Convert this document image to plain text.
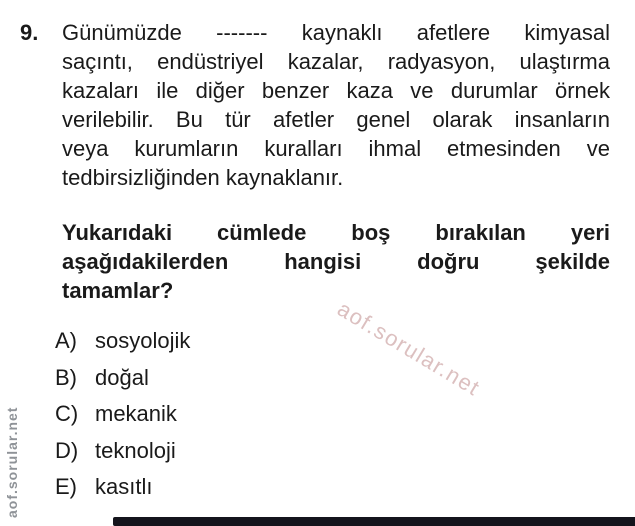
9. Günümüzde ------- kaynaklı afetlere kimyasal
saçıntı, endüstriyel kazalar, radyasyon, ulaştırma
kazaları ile diğer benzer kaza ve durumlar örnek
verilebilir. Bu tür afetler genel olarak insanların
veya kurumların kuralları ihmal etmesinden ve
tedbirsizliğinden kaynaklanır.
Yukarıdaki cümlede boş bırakılan yeri
aşağıdakilerden hangisi doğru şekilde
tamamlar?
A) sosyolojik
B) doğal
C) mekanik
D) teknoloji
E) kasıtlı
aof.sorular.net
aof.sorular.net
